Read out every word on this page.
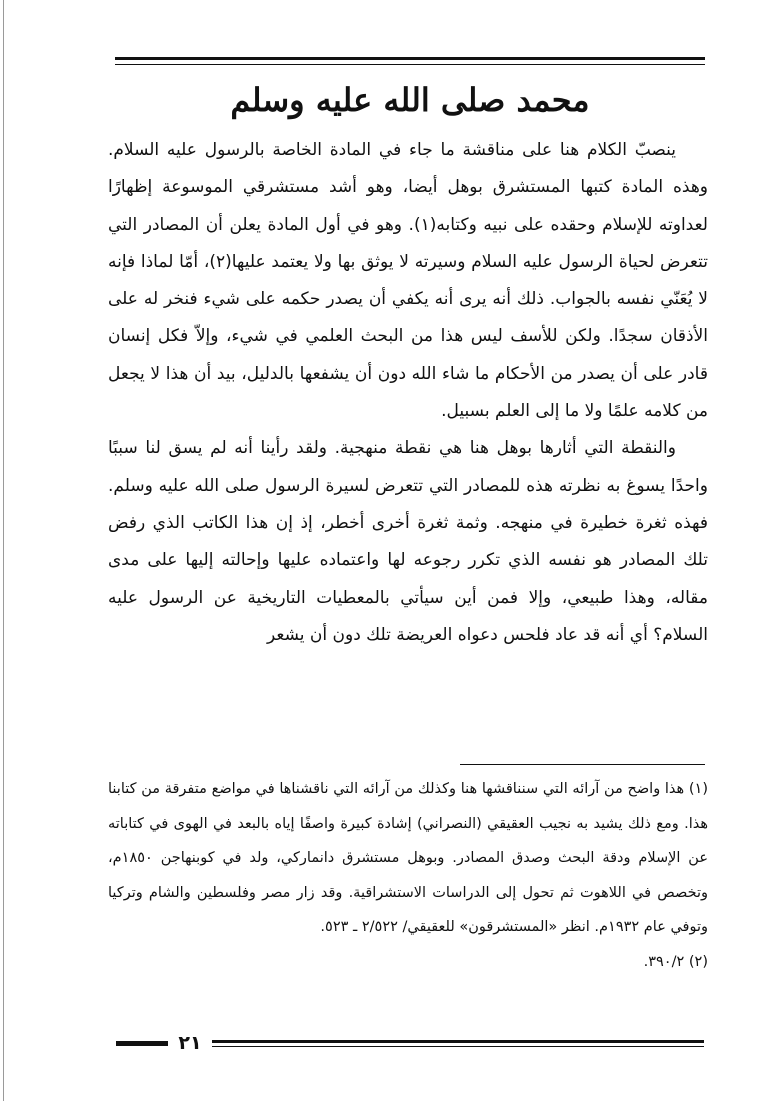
محمد صلى الله عليه وسلم

ينصبّ الكلام هنا على مناقشة ما جاء في المادة الخاصة بالرسول عليه السلام. وهذه المادة كتبها المستشرق بوهل أيضا، وهو أشد مستشرقي الموسوعة إظهارًا لعداوته للإسلام وحقده على نبيه وكتابه(١). وهو في أول المادة يعلن أن المصادر التي تتعرض لحياة الرسول عليه السلام وسيرته لا يوثق بها ولا يعتمد عليها(٢)، أمّا لماذا فإنه لا يُعَنّي نفسه بالجواب. ذلك أنه يرى أنه يكفي أن يصدر حكمه على شيء فنخر له على الأذقان سجدًا. ولكن للأسف ليس هذا من البحث العلمي في شيء، وإلاّ فكل إنسان قادر على أن يصدر من الأحكام ما شاء الله دون أن يشفعها بالدليل، بيد أن هذا لا يجعل من كلامه علمًا ولا ما إلى العلم بسبيل.

والنقطة التي أثارها بوهل هنا هي نقطة منهجية. ولقد رأينا أنه لم يسق لنا سببًا واحدًا يسوغ به نظرته هذه للمصادر التي تتعرض لسيرة الرسول صلى الله عليه وسلم. فهذه ثغرة خطيرة في منهجه. وثمة ثغرة أخرى أخطر، إذ إن هذا الكاتب الذي رفض تلك المصادر هو نفسه الذي تكرر رجوعه لها واعتماده عليها وإحالته إليها على مدى مقاله، وهذا طبيعي، وإلا فمن أين سيأتي بالمعطيات التاريخية عن الرسول عليه السلام؟ أي أنه قد عاد فلحس دعواه العريضة تلك دون أن يشعر

(١) هذا واضح من آرائه التي سنناقشها هنا وكذلك من آرائه التي ناقشناها في مواضع متفرقة من كتابنا هذا. ومع ذلك يشيد به نجيب العقيقي (النصراني) إشادة كبيرة واصفًا إياه بالبعد في الهوى في كتاباته عن الإسلام ودقة البحث وصدق المصادر. وبوهل مستشرق دانماركي، ولد في كوبنهاجن ١٨٥٠م، وتخصص في اللاهوت ثم تحول إلى الدراسات الاستشراقية. وقد زار مصر وفلسطين والشام وتركيا وتوفي عام ١٩٣٢م. انظر «المستشرقون» للعقيقي/ ٢/٥٢٢ ـ ٥٢٣.

(٢) ٣٩٠/٢.

٢١
